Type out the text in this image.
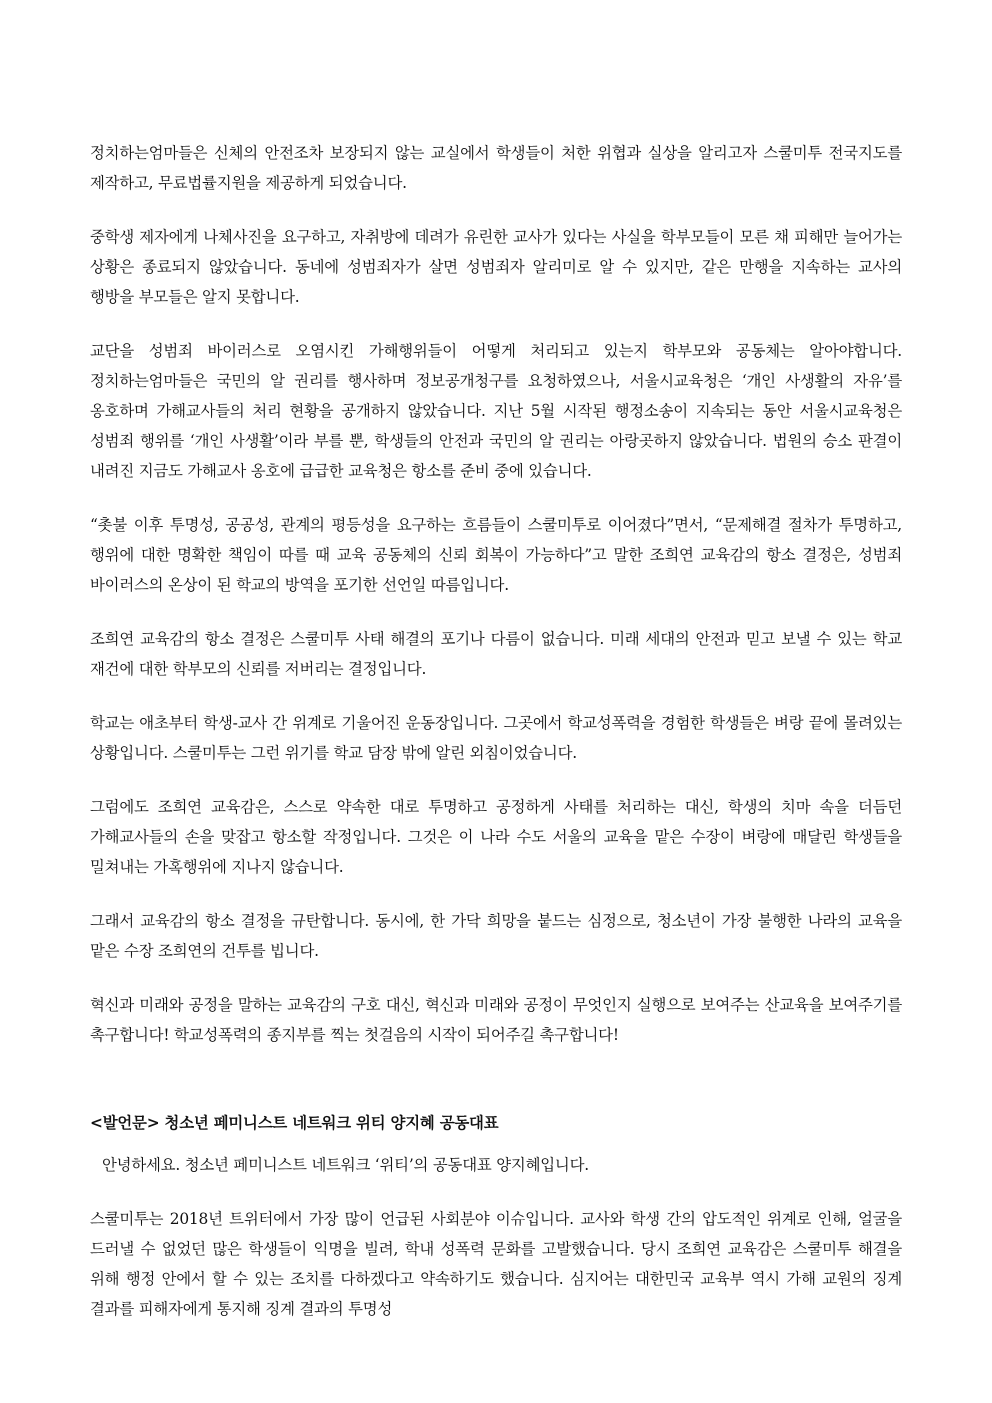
정치하는엄마들은 신체의 안전조차 보장되지 않는 교실에서 학생들이 처한 위협과 실상을 알리고자 스쿨미투 전국지도를 제작하고, 무료법률지원을 제공하게 되었습니다.

중학생 제자에게 나체사진을 요구하고, 자취방에 데려가 유린한 교사가 있다는 사실을 학부모들이 모른 채 피해만 늘어가는 상황은 종료되지 않았습니다. 동네에 성범죄자가 살면 성범죄자 알리미로 알 수 있지만, 같은 만행을 지속하는 교사의 행방을 부모들은 알지 못합니다.

교단을 성범죄 바이러스로 오염시킨 가해행위들이 어떻게 처리되고 있는지 학부모와 공동체는 알아야합니다. 정치하는엄마들은 국민의 알 권리를 행사하며 정보공개청구를 요청하였으나, 서울시교육청은 ‘개인 사생활의 자유’를 옹호하며 가해교사들의 처리 현황을 공개하지 않았습니다. 지난 5월 시작된 행정소송이 지속되는 동안 서울시교육청은 성범죄 행위를 ‘개인 사생활’이라 부를 뿐, 학생들의 안전과 국민의 알 권리는 아랑곳하지 않았습니다. 법원의 승소 판결이 내려진 지금도 가해교사 옹호에 급급한 교육청은 항소를 준비 중에 있습니다.

“촛불 이후 투명성, 공공성, 관계의 평등성을 요구하는 흐름들이 스쿨미투로 이어졌다”면서, “문제해결 절차가 투명하고, 행위에 대한 명확한 책임이 따를 때 교육 공동체의 신뢰 회복이 가능하다”고 말한 조희연 교육감의 항소 결정은, 성범죄 바이러스의 온상이 된 학교의 방역을 포기한 선언일 따름입니다.

조희연 교육감의 항소 결정은 스쿨미투 사태 해결의 포기나 다름이 없습니다. 미래 세대의 안전과 믿고 보낼 수 있는 학교 재건에 대한 학부모의 신뢰를 저버리는 결정입니다.

학교는 애초부터 학생-교사 간 위계로 기울어진 운동장입니다. 그곳에서 학교성폭력을 경험한 학생들은 벼랑 끝에 몰려있는 상황입니다. 스쿨미투는 그런 위기를 학교 담장 밖에 알린 외침이었습니다.

그럼에도 조희연 교육감은, 스스로 약속한 대로 투명하고 공정하게 사태를 처리하는 대신, 학생의 치마 속을 더듬던 가해교사들의 손을 맞잡고 항소할 작정입니다. 그것은 이 나라 수도 서울의 교육을 맡은 수장이 벼랑에 매달린 학생들을 밀쳐내는 가혹행위에 지나지 않습니다.

그래서 교육감의 항소 결정을 규탄합니다. 동시에, 한 가닥 희망을 붙드는 심정으로, 청소년이 가장 불행한 나라의 교육을 맡은 수장 조희연의 건투를 빕니다.

혁신과 미래와 공정을 말하는 교육감의 구호 대신, 혁신과 미래와 공정이 무엇인지 실행으로 보여주는 산교육을 보여주기를 촉구합니다! 학교성폭력의 종지부를 찍는 첫걸음의 시작이 되어주길 촉구합니다!

<발언문> 청소년 페미니스트 네트워크 위티 양지혜 공동대표

안녕하세요. 청소년 페미니스트 네트워크 ‘위티’의 공동대표 양지혜입니다.

스쿨미투는 2018년 트위터에서 가장 많이 언급된 사회분야 이슈입니다. 교사와 학생 간의 압도적인 위계로 인해, 얼굴을 드러낼 수 없었던 많은 학생들이 익명을 빌려, 학내 성폭력 문화를 고발했습니다. 당시 조희연 교육감은 스쿨미투 해결을 위해 행정 안에서 할 수 있는 조치를 다하겠다고 약속하기도 했습니다. 심지어는 대한민국 교육부 역시 가해 교원의 징계 결과를 피해자에게 통지해 징계 결과의 투명성
